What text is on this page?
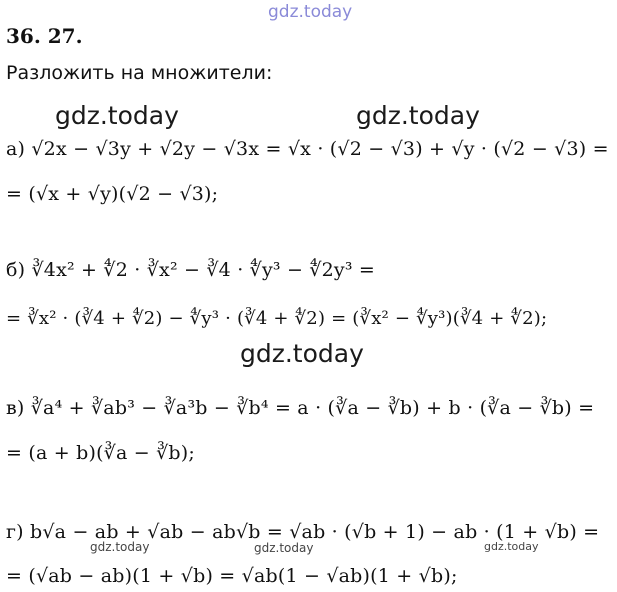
gdz.today
36. 27.
Разложить на множители:
gdz.today	gdz.today
а) √2x − √3y + √2y − √3x = √x · (√2 − √3) + √y · (√2 − √3) =
= (√x + √y)(√2 − √3);
б) ∛4x² + ∜2 · ∛x² − ∛4 · ∜y³ − ∜2y³ =
= ∛x² · (∛4 + ∜2) − ∜y³ · (∛4 + ∜2) = (∛x² − ∜y³)(∛4 + ∜2);
gdz.today
в) ∛a⁴ + ∛ab³ − ∛a³b − ∛b⁴ = a · (∛a − ∛b) + b · (∛a − ∛b) =
= (a + b)(∛a − ∛b);
г) b√a − ab + √ab − ab√b = √ab · (√b + 1) − ab · (1 + √b) =
= (√ab − ab)(1 + √b) = √ab(1 − √ab)(1 + √b);
gdz.today	gdz.today	gdz.today
